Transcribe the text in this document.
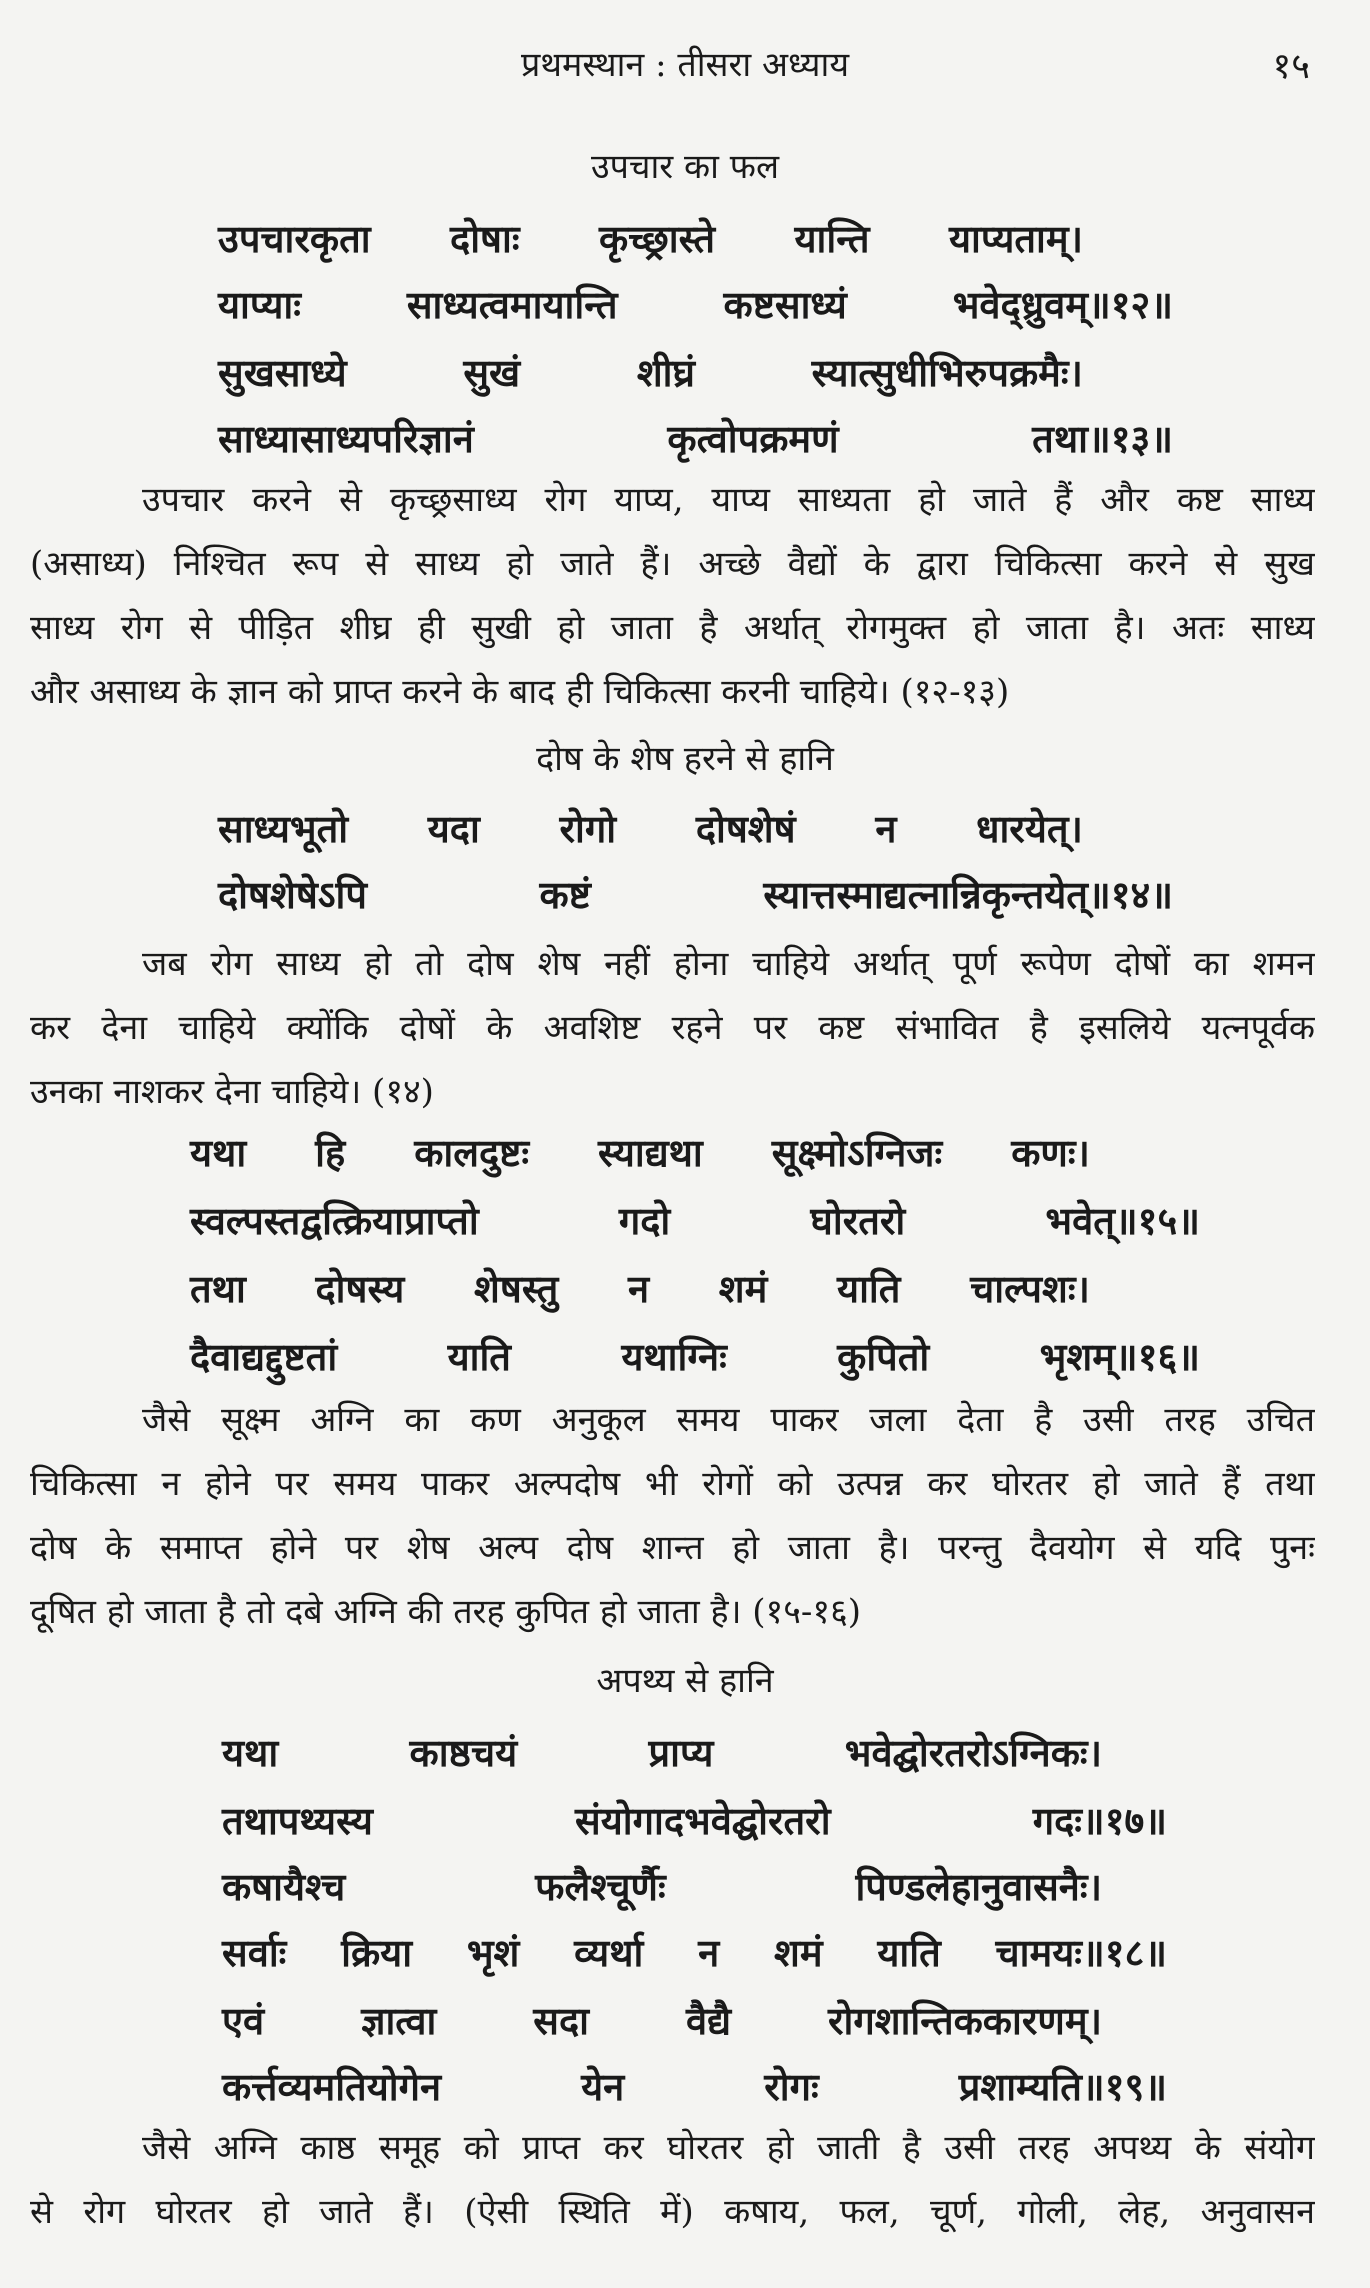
प्रथमस्थान : तीसरा अध्याय	१५
उपचार का फल
उपचारकृता दोषाः कृच्छ्रास्ते यान्ति याप्यताम्।
याप्याः	साध्यत्वमायान्ति	कष्टसाध्यं	भवेद्ध्रुवम्॥१२॥
सुखसाध्ये	सुखं	शीघ्रं	स्यात्सुधीभिरुपक्रमैः।
साध्यासाध्यपरिज्ञानं	कृत्वोपक्रमणं	तथा॥१३॥
उपचार करने से कृच्छ्रसाध्य रोग याप्य, याप्य साध्यता हो जाते हैं और कष्ट साध्य
(असाध्य) निश्चित रूप से साध्य हो जाते हैं। अच्छे वैद्यों के द्वारा चिकित्सा करने से सुख
साध्य रोग से पीड़ित शीघ्र ही सुखी हो जाता है अर्थात् रोगमुक्त हो जाता है। अतः साध्य
और असाध्य के ज्ञान को प्राप्त करने के बाद ही चिकित्सा करनी चाहिये। (१२-१३)
दोष के शेष हरने से हानि
साध्यभूतो यदा रोगो दोषशेषं न धारयेत्।
दोषशेषेऽपि	कष्टं	स्यात्तस्माद्यत्नान्निकृन्तयेत्॥१४॥
जब रोग साध्य हो तो दोष शेष नहीं होना चाहिये अर्थात् पूर्ण रूपेण दोषों का शमन
कर देना चाहिये क्योंकि दोषों के अवशिष्ट रहने पर कष्ट संभावित है इसलिये यत्नपूर्वक
उनका नाशकर देना चाहिये। (१४)
यथा हि कालदुष्टः स्याद्यथा सूक्ष्मोऽग्निजः कणः।
स्वल्पस्तद्वत्क्रियाप्राप्तो	गदो	घोरतरो	भवेत्॥१५॥
तथा दोषस्य शेषस्तु न शमं याति चाल्पशः।
दैवाद्यद्दुष्टतां	याति	यथाग्निः	कुपितो	भृशम्॥१६॥
जैसे सूक्ष्म अग्नि का कण अनुकूल समय पाकर जला देता है उसी तरह उचित
चिकित्सा न होने पर समय पाकर अल्पदोष भी रोगों को उत्पन्न कर घोरतर हो जाते हैं तथा
दोष के समाप्त होने पर शेष अल्प दोष शान्त हो जाता है। परन्तु दैवयोग से यदि पुनः
दूषित हो जाता है तो दबे अग्नि की तरह कुपित हो जाता है। (१५-१६)
अपथ्य से हानि
यथा	काष्ठचयं	प्राप्य	भवेद्घोरतरोऽग्निकः।
तथापथ्यस्य	संयोगादभवेद्घोरतरो	गदः॥१७॥
कषायैश्च	फलैश्चूर्णैः	पिण्डलेहानुवासनैः।
सर्वाः क्रिया भृशं व्यर्था न शमं याति चामयः॥१८॥
एवं	ज्ञात्वा	सदा	वैद्यै	रोगशान्तिककारणम्।
कर्त्तव्यमतियोगेन	येन	रोगः	प्रशाम्यति॥१९॥
जैसे अग्नि काष्ठ समूह को प्राप्त कर घोरतर हो जाती है उसी तरह अपथ्य के संयोग
से रोग घोरतर हो जाते हैं। (ऐसी स्थिति में) कषाय, फल, चूर्ण, गोली, लेह, अनुवासन
